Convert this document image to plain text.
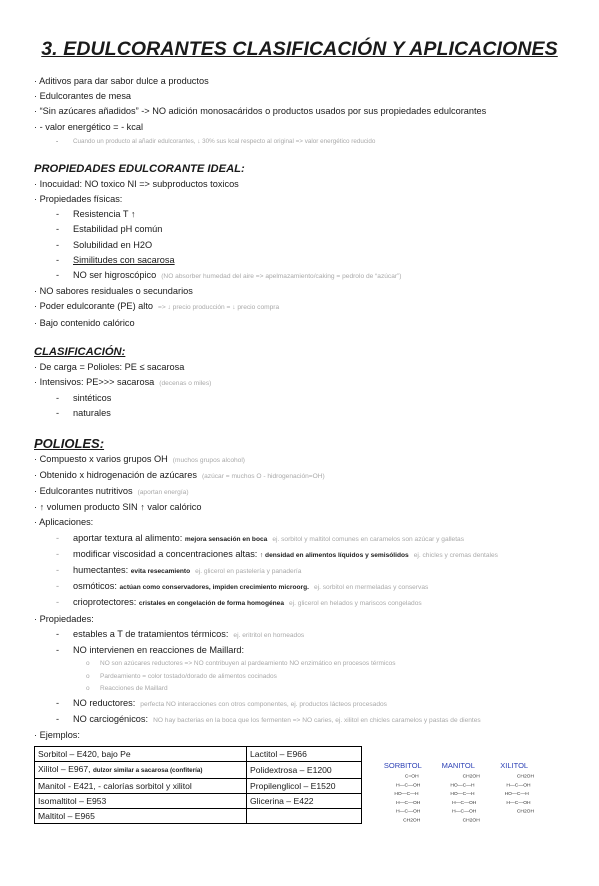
3. EDULCORANTES CLASIFICACIÓN Y APLICACIONES
· Aditivos para dar sabor dulce a productos
· Edulcorantes de mesa
· “Sin azúcares añadidos” -> NO adición monosacáridos o productos usados por sus propiedades edulcorantes
· - valor energético = - kcal
- Cuando un producto al añadir edulcorantes, ↓ 30% sus kcal respecto al original => valor energético reducido
PROPIEDADES EDULCORANTE IDEAL:
· Inocuidad: NO toxico NI => subproductos toxicos
· Propiedades físicas:
- Resistencia T ↑
- Estabilidad pH común
- Solubilidad en H2O
- Similitudes con sacarosa
- NO ser higroscópico (NO absorber humedad del aire => apelmazamiento/caking = pedrolo de “azúcar”)
· NO sabores residuales o secundarios
· Poder edulcorante (PE) alto => ↓ precio producción = ↓ precio compra
· Bajo contenido calórico
CLASIFICACIÓN:
· De carga = Polioles: PE ≤ sacarosa
· Intensivos: PE>>> sacarosa (decenas o miles)
- sintéticos
- naturales
POLIOLES:
· Compuesto x varios grupos OH (muchos grupos alcohol)
· Obtenido x hidrogenación de azúcares (azúcar = muchos O - hidrogenación=OH)
· Edulcorantes nutritivos (aportan energía)
· ↑ volumen producto SIN ↑ valor calórico
· Aplicaciones:
- aportar textura al alimento: mejora sensación en boca ej. sorbitol y maltitol comunes en caramelos son azúcar y galletas
- modificar viscosidad a concentraciones altas: ↑ densidad en alimentos líquidos y semisólidos ej. chicles y cremas dentales
- humectantes: evita resecamiento ej. glicerol en pastelería y panadería
- osmóticos: actúan como conservadores, impiden crecimiento microorg. ej. sorbitol en mermeladas y conservas
- crioprotectores: cristales en congelación de forma homogénea ej. glicerol en helados y mariscos congelados
· Propiedades:
- estables a T de tratamientos térmicos: ej. eritritol en horneados
- NO intervienen en reacciones de Maillard:
o NO son azúcares reductores => NO contribuyen al pardeamiento NO enzimático en procesos térmicos
o Pardeamiento = color tostado/dorado de alimentos cocinados
o Reacciones de Maillard
- NO reductores: perfecta NO interacciones con otros componentes, ej. productos lácteos procesados
- NO carciogénicos: NO hay bacterias en la boca que los fermenten => NO caries, ej. xilitol en chicles caramelos y pastas de dientes
· Ejemplos:
Sorbitol – E420, bajo Pe	Lactitol – E966
Xilitol – E967, dulzor similar a sacarosa (confitería)	Polidextrosa – E1200
Manitol - E421, - calorías sorbitol y xilitol	Propilenglicol – E1520
Isomaltitol – E953	Glicerina – E422
Maltitol – E965	
SORBITOL MANITOL	XILITOL
C=OH
H—C—OH
HO—C—H
H—C—OH
H—C—OH
CH2OH
CH2OH
HO—C—H
HO—C—H
H—C—OH
H—C—OH
CH2OH
CH2OH
H—C—OH
HO—C—H
H—C—OH
CH2OH
